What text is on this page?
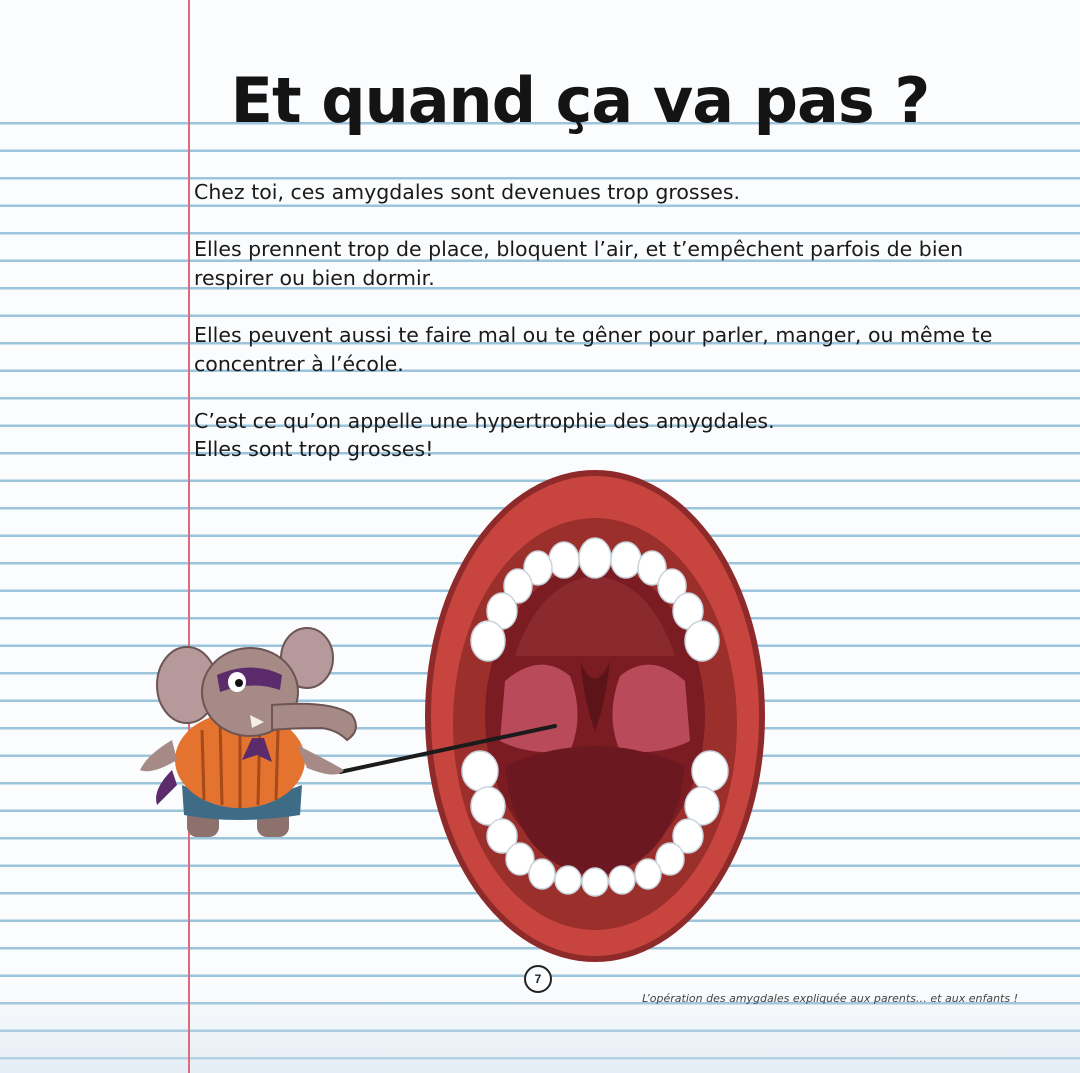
Et quand ça va pas ?

Chez toi, ces amygdales sont devenues trop grosses.

Elles prennent trop de place, bloquent l’air, et t’empêchent parfois de bien respirer ou bien dormir.

Elles peuvent aussi te faire mal ou te gêner pour parler, manger, ou même te concentrer à l’école.

C’est ce qu’on appelle une hypertrophie des amygdales.
Elles sont trop grosses!
7
L’opération des amygdales expliquée aux parents… et aux enfants !
